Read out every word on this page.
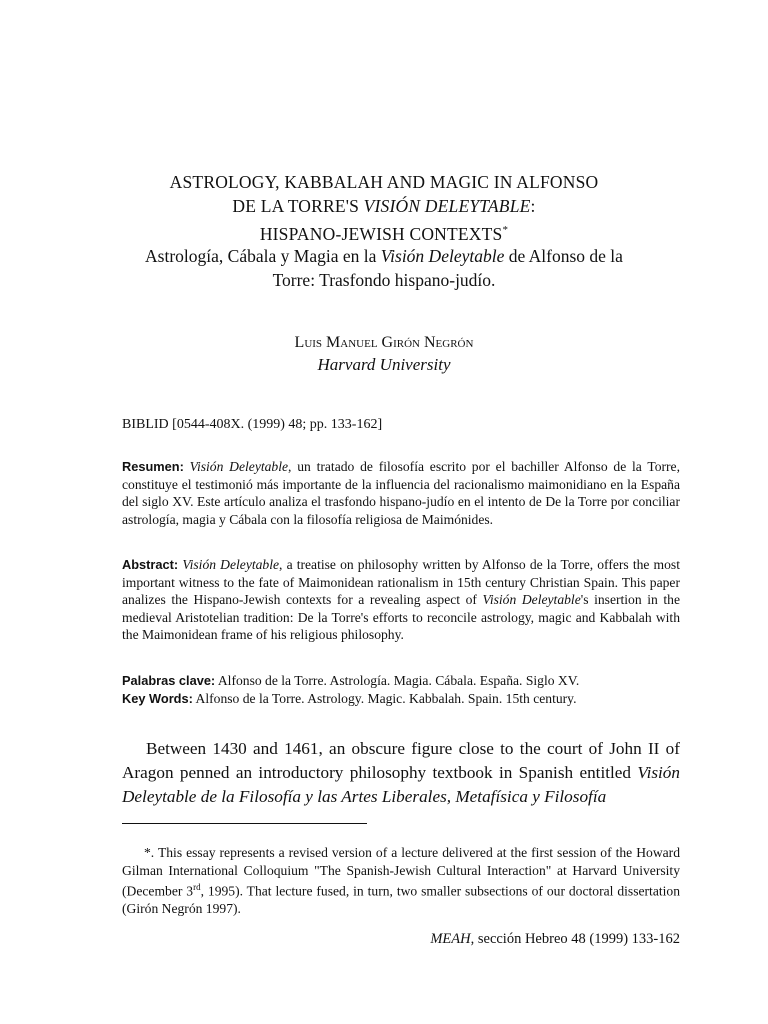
ASTROLOGY, KABBALAH AND MAGIC IN ALFONSO
DE LA TORRE'S VISIÓN DELEYTABLE:
HISPANO-JEWISH CONTEXTS*
Astrología, Cábala y Magia en la Visión Deleytable de Alfonso de la Torre: Trasfondo hispano-judío.
Luis Manuel Girón Negrón
Harvard University
BIBLID [0544-408X. (1999) 48; pp. 133-162]
Resumen: Visión Deleytable, un tratado de filosofía escrito por el bachiller Alfonso de la Torre, constituye el testimonió más importante de la influencia del racionalismo maimonidiano en la España del siglo XV. Este artículo analiza el trasfondo hispano-judío en el intento de De la Torre por conciliar astrología, magia y Cábala con la filosofía religiosa de Maimónides.
Abstract: Visión Deleytable, a treatise on philosophy written by Alfonso de la Torre, offers the most important witness to the fate of Maimonidean rationalism in 15th century Christian Spain. This paper analizes the Hispano-Jewish contexts for a revealing aspect of Visión Deleytable's insertion in the medieval Aristotelian tradition: De la Torre's efforts to reconcile astrology, magic and Kabbalah with the Maimonidean frame of his religious philosophy.
Palabras clave: Alfonso de la Torre. Astrología. Magia. Cábala. España. Siglo XV.
Key Words: Alfonso de la Torre. Astrology. Magic. Kabbalah. Spain. 15th century.
Between 1430 and 1461, an obscure figure close to the court of John II of Aragon penned an introductory philosophy textbook in Spanish entitled Visión Deleytable de la Filosofía y las Artes Liberales, Metafísica y Filosofía
*. This essay represents a revised version of a lecture delivered at the first session of the Howard Gilman International Colloquium "The Spanish-Jewish Cultural Interaction" at Harvard University (December 3rd, 1995). That lecture fused, in turn, two smaller subsections of our doctoral dissertation (Girón Negrón 1997).
MEAH, sección Hebreo 48 (1999) 133-162
